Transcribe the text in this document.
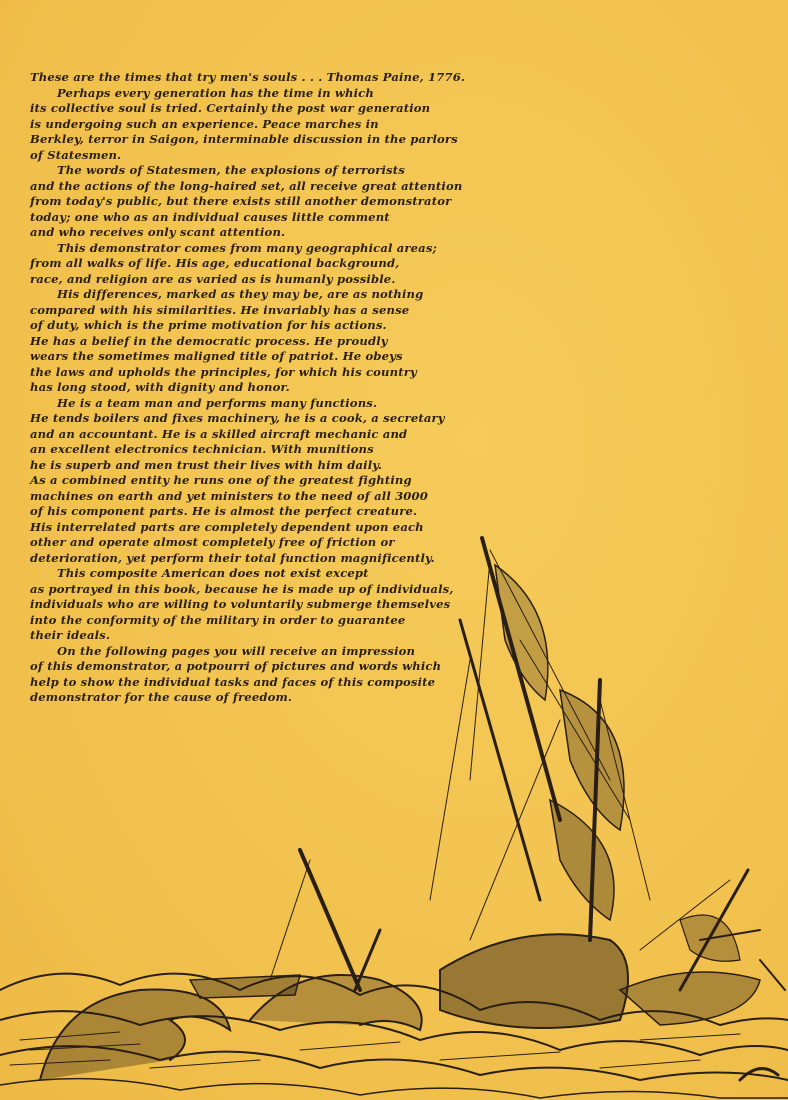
These are the times that try men's souls . . . Thomas Paine, 1776.
Perhaps every generation has the time in which
its collective soul is tried. Certainly the post war generation
is undergoing such an experience. Peace marches in
Berkley, terror in Saigon, interminable discussion in the parlors
of Statesmen.
The words of Statesmen, the explosions of terrorists
and the actions of the long-haired set, all receive great attention
from today's public, but there exists still another demonstrator
today; one who as an individual causes little comment
and who receives only scant attention.
This demonstrator comes from many geographical areas;
from all walks of life. His age, educational background,
race, and religion are as varied as is humanly possible.
His differences, marked as they may be, are as nothing
compared with his similarities. He invariably has a sense
of duty, which is the prime motivation for his actions.
He has a belief in the democratic process. He proudly
wears the sometimes maligned title of patriot. He obeys
the laws and upholds the principles, for which his country
has long stood, with dignity and honor.
He is a team man and performs many functions.
He tends boilers and fixes machinery, he is a cook, a secretary
and an accountant. He is a skilled aircraft mechanic and
an excellent electronics technician. With munitions
he is superb and men trust their lives with him daily.
As a combined entity he runs one of the greatest fighting
machines on earth and yet ministers to the need of all 3000
of his component parts. He is almost the perfect creature.
His interrelated parts are completely dependent upon each
other and operate almost completely free of friction or
deterioration, yet perform their total function magnificently.
This composite American does not exist except
as portrayed in this book, because he is made up of individuals,
individuals who are willing to voluntarily submerge themselves
into the conformity of the military in order to guarantee
their ideals.
On the following pages you will receive an impression
of this demonstrator, a potpourri of pictures and words which
help to show the individual tasks and faces of this composite
demonstrator for the cause of freedom.
